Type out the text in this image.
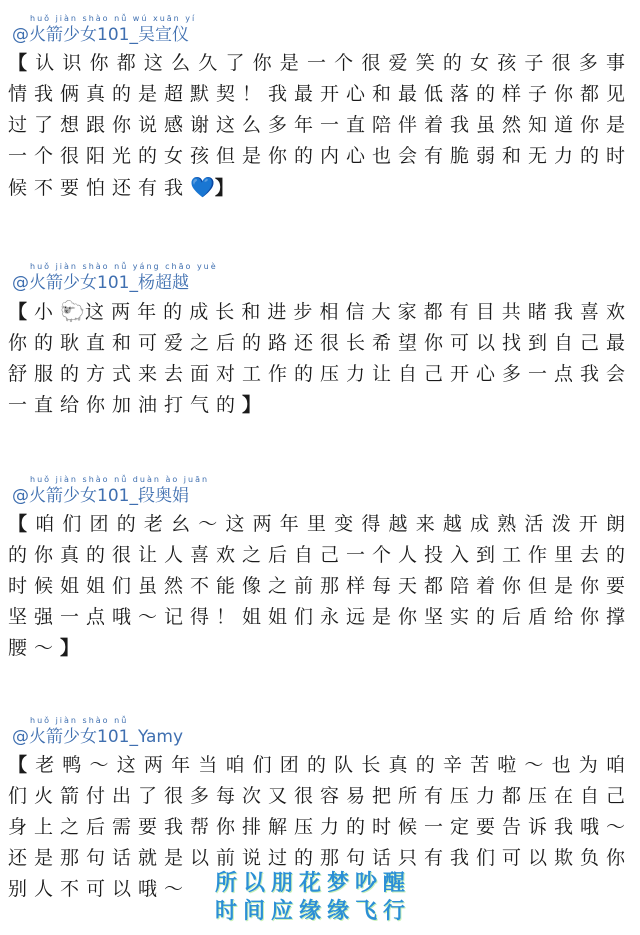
huǒ jiàn shào nǚ wú xuān yí
@火箭少女101_吴宣仪
【认识你都这么久了你是一个很爱笑的女孩子很多事情我俩真的是超默契！我最开心和最低落的样子你都见过了想跟你说感谢这么多年一直陪伴着我虽然知道你是一个很阳光的女孩但是你的内心也会有脆弱和无力的时候不要怕还有我💙】
huǒ jiàn shào nǚ yáng chāo yuè
@火箭少女101_杨超越
【小🐑这两年的成长和进步相信大家都有目共睹我喜欢你的耿直和可爱之后的路还很长希望你可以找到自己最舒服的方式来去面对工作的压力让自己开心多一点我会一直给你加油打气的】
huǒ jiàn shào nǚ duàn ào juān
@火箭少女101_段奥娟
【咱们团的老幺～这两年里变得越来越成熟活泼开朗的你真的很让人喜欢之后自己一个人投入到工作里去的时候姐姐们虽然不能像之前那样每天都陪着你但是你要坚强一点哦～记得！姐姐们永远是你坚实的后盾给你撑腰～】
huǒ jiàn shào nǚ
@火箭少女101_Yamy
【老鸭～这两年当咱们团的队长真的辛苦啦～也为咱们火箭付出了很多每次又很容易把所有压力都压在自己身上之后需要我帮你排解压力的时候一定要告诉我哦～还是那句话就是以前说过的那句话只有我们可以欺负你别人不可以哦～	所以朋花梦吵醒
时间应缘缘飞行
